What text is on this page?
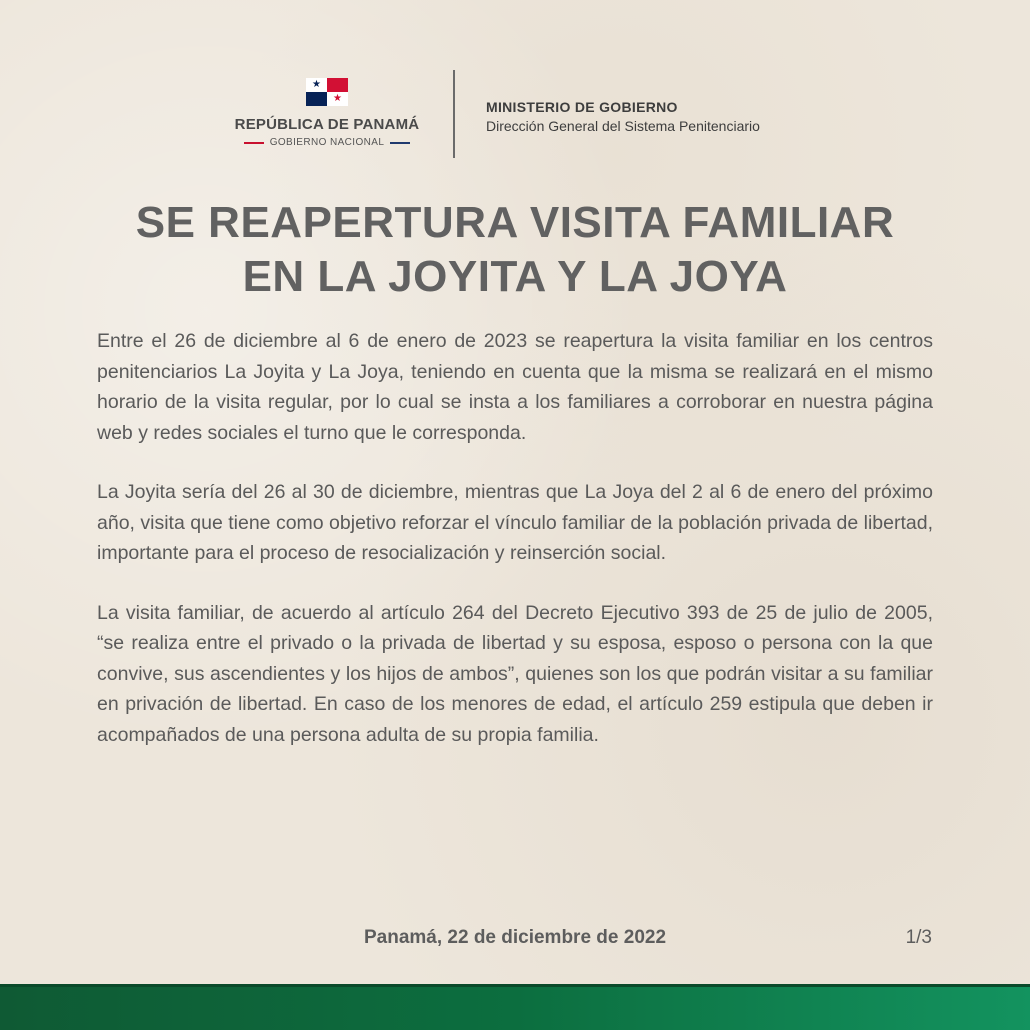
★
★
REPÚBLICA DE PANAMÁ
GOBIERNO NACIONAL
MINISTERIO DE GOBIERNO
Dirección General del Sistema Penitenciario
SE REAPERTURA VISITA FAMILIAR
EN LA JOYITA Y LA JOYA

Entre el 26 de diciembre al 6 de enero de 2023 se reapertura la visita familiar en los centros penitenciarios La Joyita y La Joya, teniendo en cuenta que la misma se realizará en el mismo horario de la visita regular, por lo cual se insta a los familiares a corroborar en nuestra página web y redes sociales el turno que le corresponda.

La Joyita sería del 26 al 30 de diciembre, mientras que La Joya del 2 al 6 de enero del próximo año, visita que tiene como objetivo reforzar el vínculo familiar de la población privada de libertad, importante para el proceso de resocialización y reinserción social.

La visita familiar, de acuerdo al artículo 264 del Decreto Ejecutivo 393 de 25 de julio de 2005, “se realiza entre el privado o la privada de libertad y su esposa, esposo o persona con la que convive, sus ascendientes y los hijos de ambos”, quienes son los que podrán visitar a su familiar en privación de libertad. En caso de los menores de edad, el artículo 259 estipula que deben ir acompañados de una persona adulta de su propia familia.

Panamá, 22 de diciembre de 2022	1/3
